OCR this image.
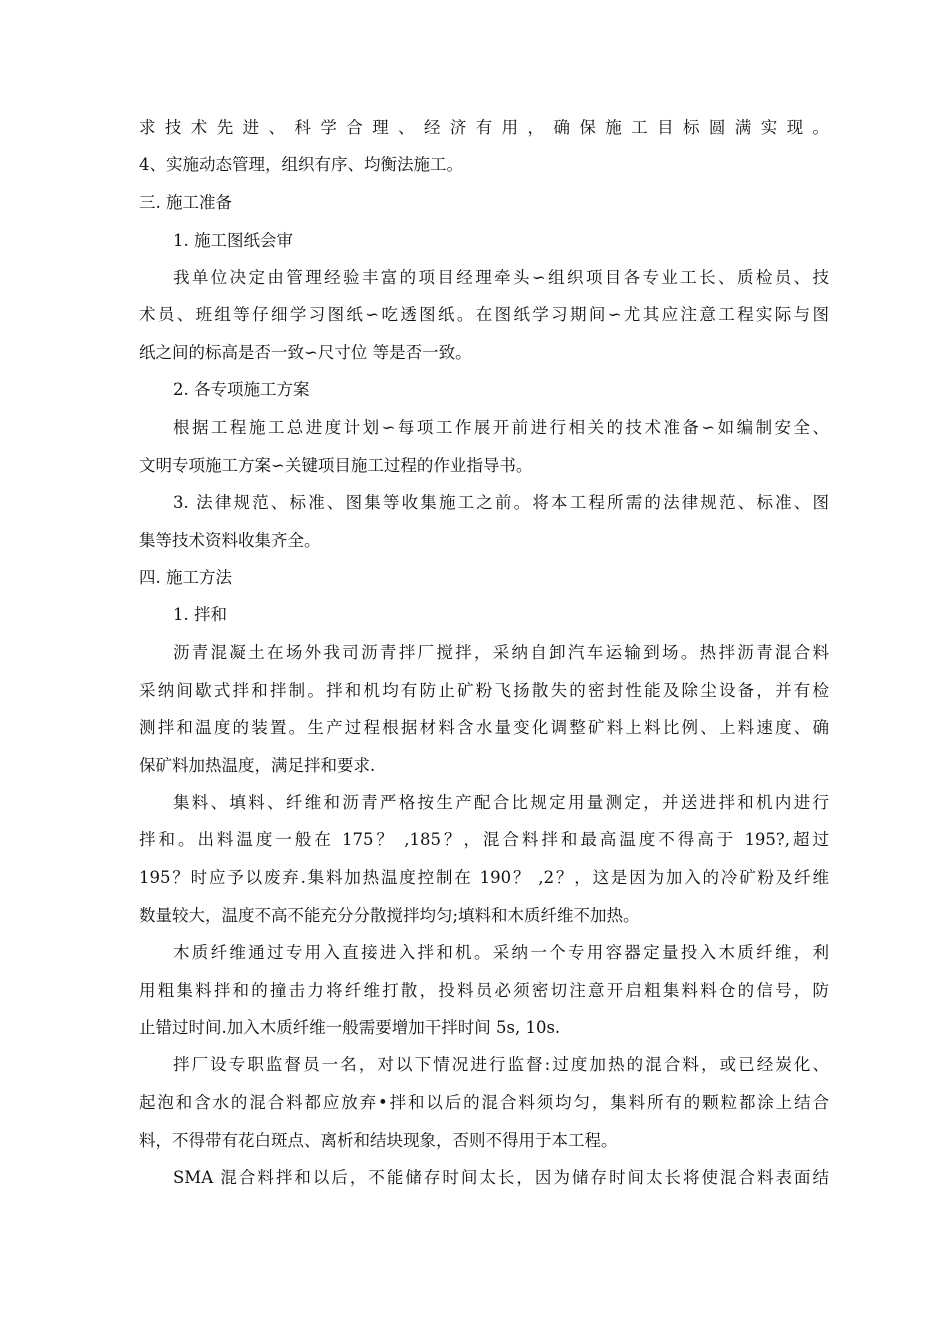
求技术先进、科学合理、经济有用，确保施工目标圆满实现。
4、实施动态管理，组织有序、均衡法施工。
三. 施工准备
1. 施工图纸会审
我单位决定由管理经验丰富的项目经理牵头∽组织项目各专业工长、质检员、技
术员、班组等仔细学习图纸∽吃透图纸。在图纸学习期间∽尤其应注意工程实际与图
纸之间的标高是否一致∽尺寸位 等是否一致。
2. 各专项施工方案
根据工程施工总进度计划∽每项工作展开前进行相关的技术准备∽如编制安全、
文明专项施工方案∽关键项目施工过程的作业指导书。
3. 法律规范、标准、图集等收集施工之前。将本工程所需的法律规范、标准、图
集等技术资料收集齐全。
四. 施工方法
1. 拌和
沥青混凝土在场外我司沥青拌厂搅拌，采纳自卸汽车运输到场。热拌沥青混合料
采纳间歇式拌和拌制。拌和机均有防止矿粉飞扬散失的密封性能及除尘设备，并有检
测拌和温度的装置。生产过程根据材料含水量变化调整矿料上料比例、上料速度、确
保矿料加热温度，满足拌和要求.
集料、填料、纤维和沥青严格按生产配合比规定用量测定，并送进拌和机内进行
拌和。出料温度一般在 175？ ,185？，混合料拌和最高温度不得高于 195?,超过
195？时应予以废弃.集料加热温度控制在 190？ ,2？，这是因为加入的冷矿粉及纤维
数量较大，温度不高不能充分分散搅拌均匀;填料和木质纤维不加热。
木质纤维通过专用入直接进入拌和机。采纳一个专用容器定量投入木质纤维，利
用粗集料拌和的撞击力将纤维打散，投料员必须密切注意开启粗集料料仓的信号，防
止错过时间.加入木质纤维一般需要增加干拌时间 5s, 10s.
拌厂设专职监督员一名，对以下情况进行监督:过度加热的混合料，或已经炭化、
起泡和含水的混合料都应放弃•拌和以后的混合料须均匀，集料所有的颗粒都涂上结合
料，不得带有花白斑点、离析和结块现象，否则不得用于本工程。
SMA 混合料拌和以后，不能储存时间太长，因为储存时间太长将使混合料表面结
